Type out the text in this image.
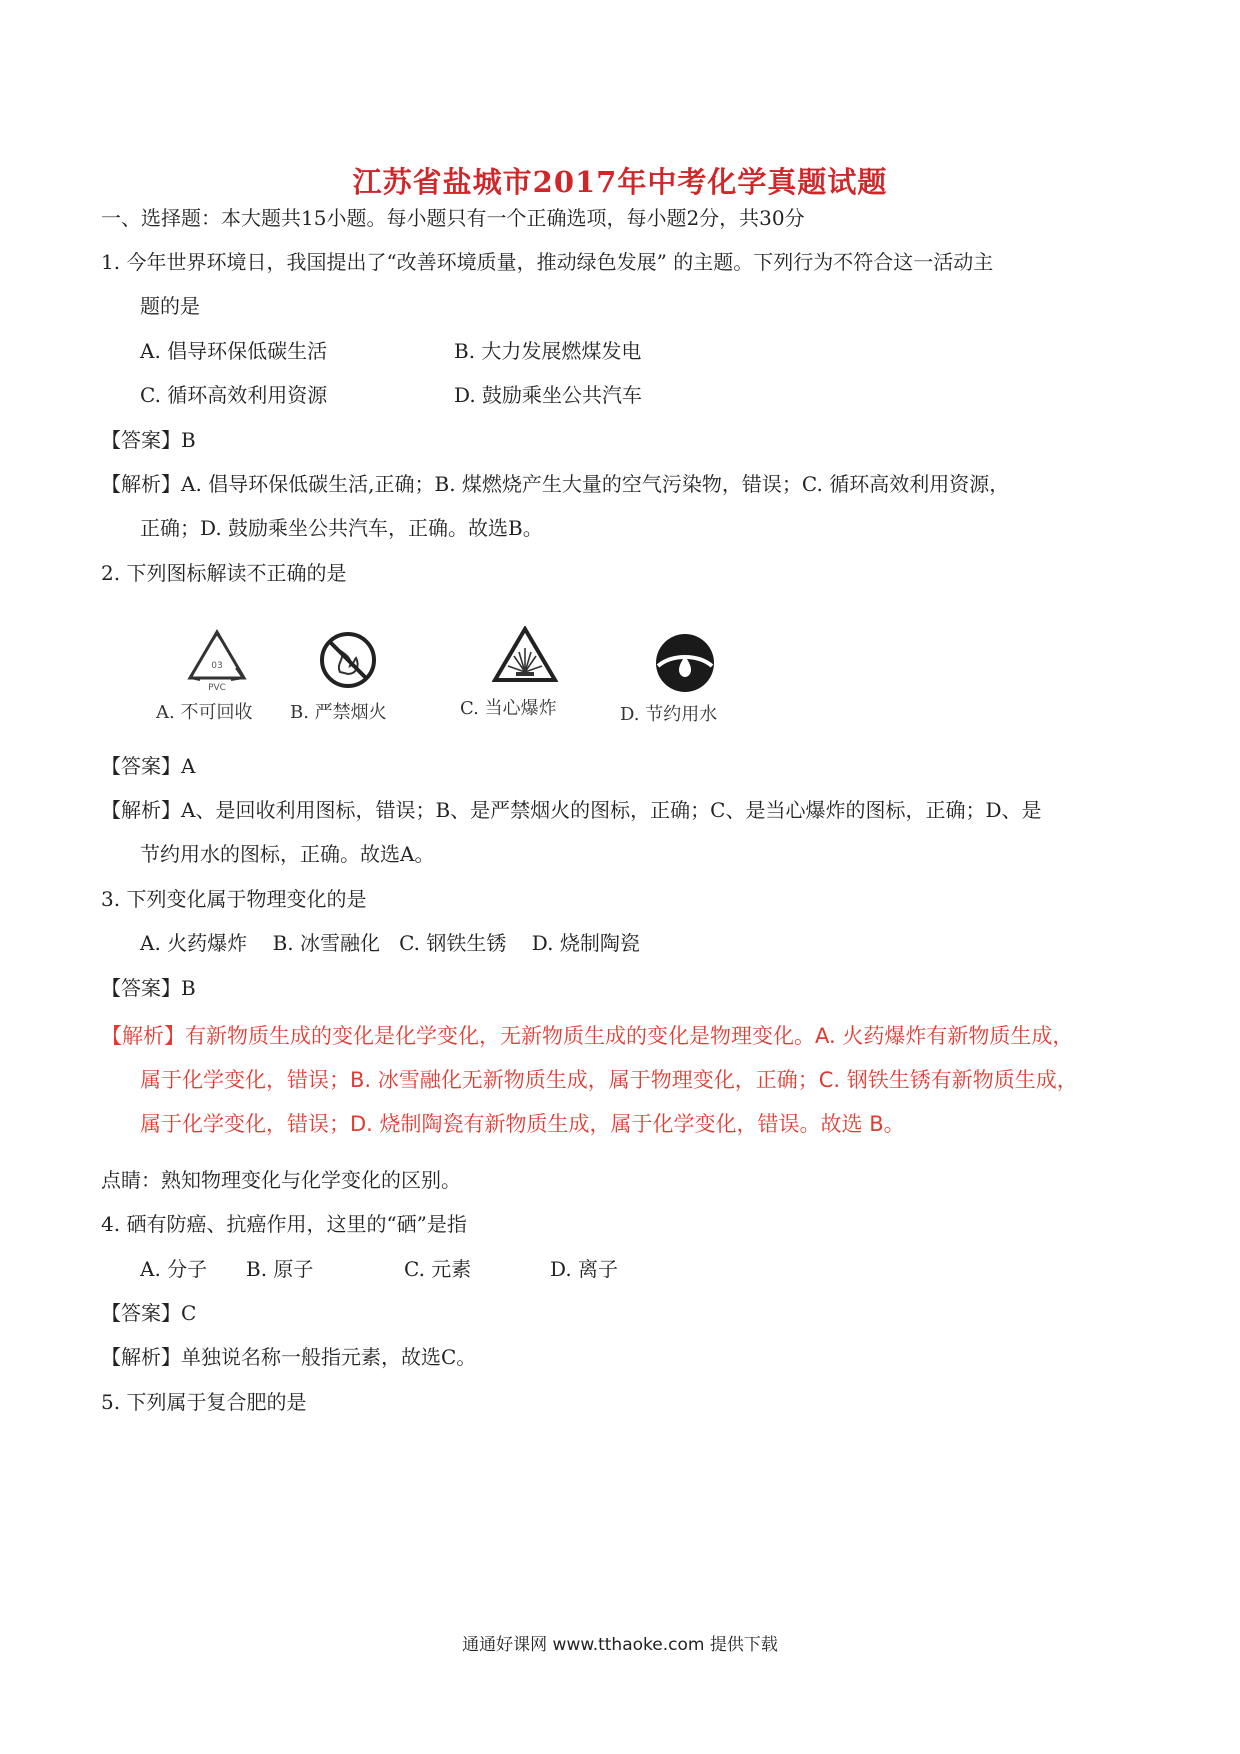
江苏省盐城市2017年中考化学真题试题
一、选择题：本大题共15小题。每小题只有一个正确选项，每小题2分，共30分
1. 今年世界环境日，我国提出了“改善环境质量，推动绿色发展” 的主题。下列行为不符合这一活动主
题的是
A. 倡导环保低碳生活	B. 大力发展燃煤发电
C. 循环高效利用资源	D. 鼓励乘坐公共汽车
【答案】B
【解析】A. 倡导环保低碳生活,正确；B. 煤燃烧产生大量的空气污染物，错误；C. 循环高效利用资源，
正确；D. 鼓励乘坐公共汽车，正确。故选B。
2. 下列图标解读不正确的是
03
PVC
A. 不可回收 B. 严禁烟火	C. 当心爆炸	D. 节约用水
【答案】A
【解析】A、是回收利用图标，错误；B、是严禁烟火的图标，正确；C、是当心爆炸的图标，正确；D、是
节约用水的图标，正确。故选A。
3. 下列变化属于物理变化的是
A. 火药爆炸    B. 冰雪融化   C. 钢铁生锈    D. 烧制陶瓷
【答案】B
【解析】有新物质生成的变化是化学变化，无新物质生成的变化是物理变化。A. 火药爆炸有新物质生成，
属于化学变化，错误；B. 冰雪融化无新物质生成，属于物理变化，正确；C. 钢铁生锈有新物质生成，
属于化学变化，错误；D. 烧制陶瓷有新物质生成，属于化学变化，错误。故选 B。
点睛：熟知物理变化与化学变化的区别。
4. 硒有防癌、抗癌作用，这里的“硒”是指
A. 分子 B. 原子	C. 元素	D. 离子
【答案】C
【解析】单独说名称一般指元素，故选C。
5. 下列属于复合肥的是
通通好课网 www.tthaoke.com 提供下载
